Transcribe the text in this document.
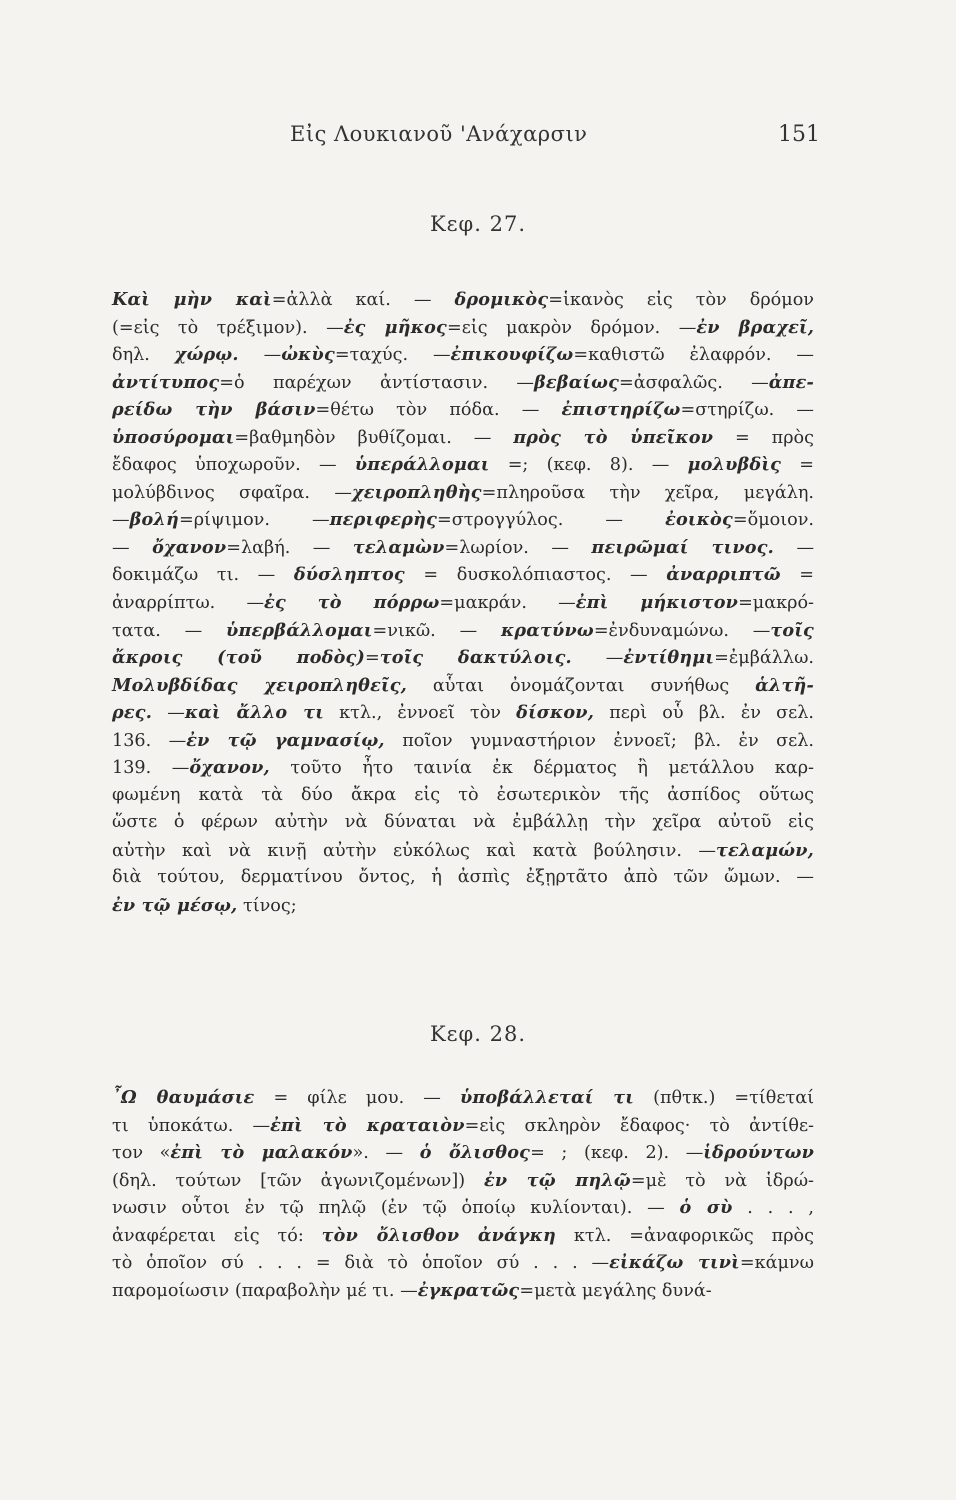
Εἰς Λουκιανοῦ 'Ανάχαρσιν	151
Κεφ. 27.
Καὶ μὴν καὶ=ἀλλὰ καί. — δρομικὸς=ἱκανὸς εἰς τὸν δρόμον
(=εἰς τὸ τρέξιμον). —ἐς μῆκος=εἰς μακρὸν δρόμον. —ἐν βραχεῖ,
δηλ. χώρῳ. —ὠκὺς=ταχύς. —ἐπικουφίζω=καθιστῶ ἐλαφρόν. —
ἀντίτυπος=ὁ παρέχων ἀντίστασιν. —βεβαίως=ἀσφαλῶς. —ἀπε-
ρείδω τὴν βάσιν=θέτω τὸν πόδα. — ἐπιστηρίζω=στηρίζω. —
ὑποσύρομαι=βαθμηδὸν βυθίζομαι. — πρὸς τὸ ὑπεῖκον = πρὸς
ἔδαφος ὑποχωροῦν. — ὑπεράλλομαι =; (κεφ. 8). — μολυβδὶς =
μολύβδινος σφαῖρα. —χειροπληθὴς=πληροῦσα τὴν χεῖρα, μεγάλη.
—βολή=ρίψιμον. —περιφερὴς=στρογγύλος. — ἐοικὸς=ὅμοιον.
— ὄχανον=λαβή. — τελαμὼν=λωρίον. — πειρῶμαί τινος. —
δοκιμάζω τι. — δύσληπτος = δυσκολόπιαστος. — ἀναρριπτῶ =
ἀναρρίπτω. —ἐς τὸ πόρρω=μακράν. —ἐπὶ μήκιστον=μακρό-
τατα. — ὑπερβάλλομαι=νικῶ. — κρατύνω=ἐνδυναμώνω. —τοῖς
ἄκροις (τοῦ ποδὸς)=τοῖς δακτύλοις. —ἐντίθημι=ἐμβάλλω.
Μολυβδίδας χειροπληθεῖς, αὗται ὀνομάζονται συνήθως ἁλτῆ-
ρες. —καὶ ἄλλο τι κτλ., ἐννοεῖ τὸν δίσκον, περὶ οὗ βλ. ἐν σελ.
136. —ἐν τῷ γαμνασίῳ, ποῖον γυμναστήριον ἐννοεῖ; βλ. ἐν σελ.
139. —ὄχανον, τοῦτο ἦτο ταινία ἐκ δέρματος ἢ μετάλλου καρ-
φωμένη κατὰ τὰ δύο ἄκρα εἰς τὸ ἐσωτερικὸν τῆς ἀσπίδος οὕτως
ὥστε ὁ φέρων αὐτὴν νὰ δύναται νὰ ἐμβάλλῃ τὴν χεῖρα αὐτοῦ εἰς
αὐτὴν καὶ νὰ κινῇ αὐτὴν εὐκόλως καὶ κατὰ βούλησιν. —τελαμών,
διὰ τούτου, δερματίνου ὄντος, ἡ ἀσπὶς ἐξῃρτᾶτο ἀπὸ τῶν ὤμων. —
ἐν τῷ μέσῳ, τίνος;
Κεφ. 28.
῏Ω θαυμάσιε = φίλε μου. — ὑποβάλλεταί τι (πθτκ.) =τίθεταί
τι ὑποκάτω. —ἐπὶ τὸ κραταιὸν=εἰς σκληρὸν ἔδαφος· τὸ ἀντίθε-
τον «ἐπὶ τὸ μαλακόν». — ὁ ὄλισθος= ; (κεφ. 2). —ἱδρούντων
(δηλ. τούτων [τῶν ἀγωνιζομένων]) ἐν τῷ πηλῷ=μὲ τὸ νὰ ἱδρώ-
νωσιν οὗτοι ἐν τῷ πηλῷ (ἐν τῷ ὁποίῳ κυλίονται). — ὁ σὺ . . . ,
ἀναφέρεται εἰς τό: τὸν ὄλισθον ἀνάγκη κτλ. =ἀναφορικῶς πρὸς
τὸ ὁποῖον σύ . . . = διὰ τὸ ὁποῖον σύ . . . —εἰκάζω τινὶ=κάμνω
παρομοίωσιν (παραβολὴν μέ τι. —ἐγκρατῶς=μετὰ μεγάλης δυνά-
